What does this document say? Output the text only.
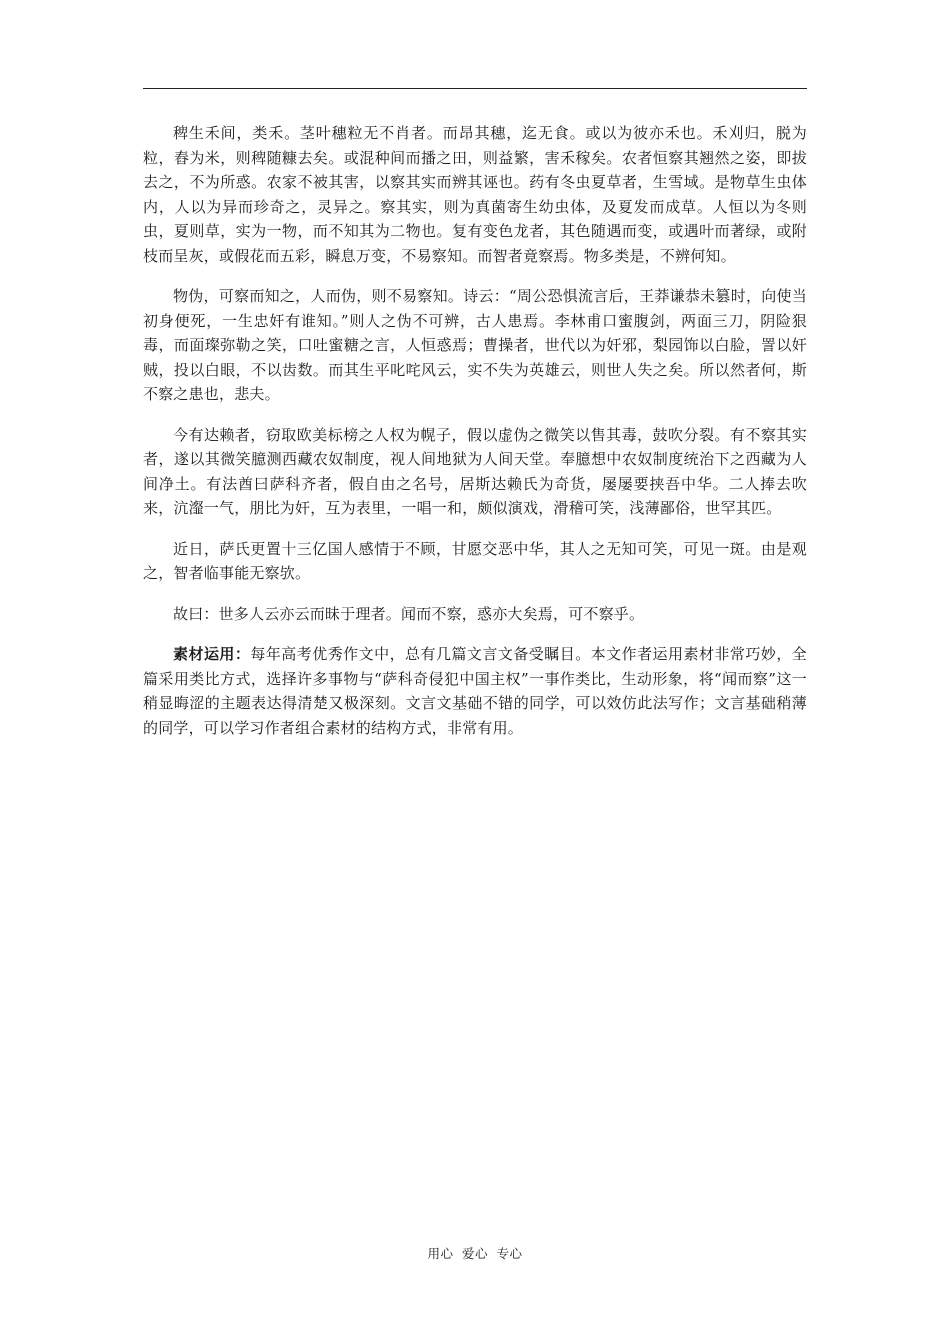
稗生禾间，类禾。茎叶穗粒无不肖者。而昂其穗，迄无食。或以为彼亦禾也。禾刈归，脱为粒，舂为米，则稗随糠去矣。或混种间而播之田，则益繁，害禾稼矣。农者恒察其翘然之姿，即拔去之，不为所惑。农家不被其害，以察其实而辨其诬也。药有冬虫夏草者，生雪域。是物草生虫体内，人以为异而珍奇之，灵异之。察其实，则为真菌寄生幼虫体，及夏发而成草。人恒以为冬则虫，夏则草，实为一物，而不知其为二物也。复有变色龙者，其色随遇而变，或遇叶而著绿，或附枝而呈灰，或假花而五彩，瞬息万变，不易察知。而智者竟察焉。物多类是，不辨何知。

物伪，可察而知之，人而伪，则不易察知。诗云：“周公恐惧流言后，王莽谦恭未篡时，向使当初身便死，一生忠奸有谁知。”则人之伪不可辨，古人患焉。李林甫口蜜腹剑，两面三刀，阴险狠毒，而面璨弥勒之笑，口吐蜜糖之言，人恒惑焉；曹操者，世代以为奸邪，梨园饰以白脸，詈以奸贼，投以白眼，不以齿数。而其生平叱咤风云，实不失为英雄云，则世人失之矣。所以然者何，斯不察之患也，悲夫。

今有达赖者，窃取欧美标榜之人权为幌子，假以虚伪之微笑以售其毒，鼓吹分裂。有不察其实者，遂以其微笑臆测西藏农奴制度，视人间地狱为人间天堂。奉臆想中农奴制度统治下之西藏为人间净土。有法酋曰萨科齐者，假自由之名号，居斯达赖氏为奇货，屡屡要挟吾中华。二人捧去吹来，沆瀣一气，朋比为奸，互为表里，一唱一和，颇似演戏，滑稽可笑，浅薄鄙俗，世罕其匹。

近日，萨氏更置十三亿国人感情于不顾，甘愿交恶中华，其人之无知可笑，可见一斑。由是观之，智者临事能无察欤。

故曰：世多人云亦云而昧于理者。闻而不察，惑亦大矣焉，可不察乎。

素材运用：每年高考优秀作文中，总有几篇文言文备受瞩目。本文作者运用素材非常巧妙，全篇采用类比方式，选择许多事物与“萨科奇侵犯中国主权”一事作类比，生动形象，将“闻而察”这一稍显晦涩的主题表达得清楚又极深刻。文言文基础不错的同学，可以效仿此法写作；文言基础稍薄的同学，可以学习作者组合素材的结构方式，非常有用。

用心 爱心 专心
